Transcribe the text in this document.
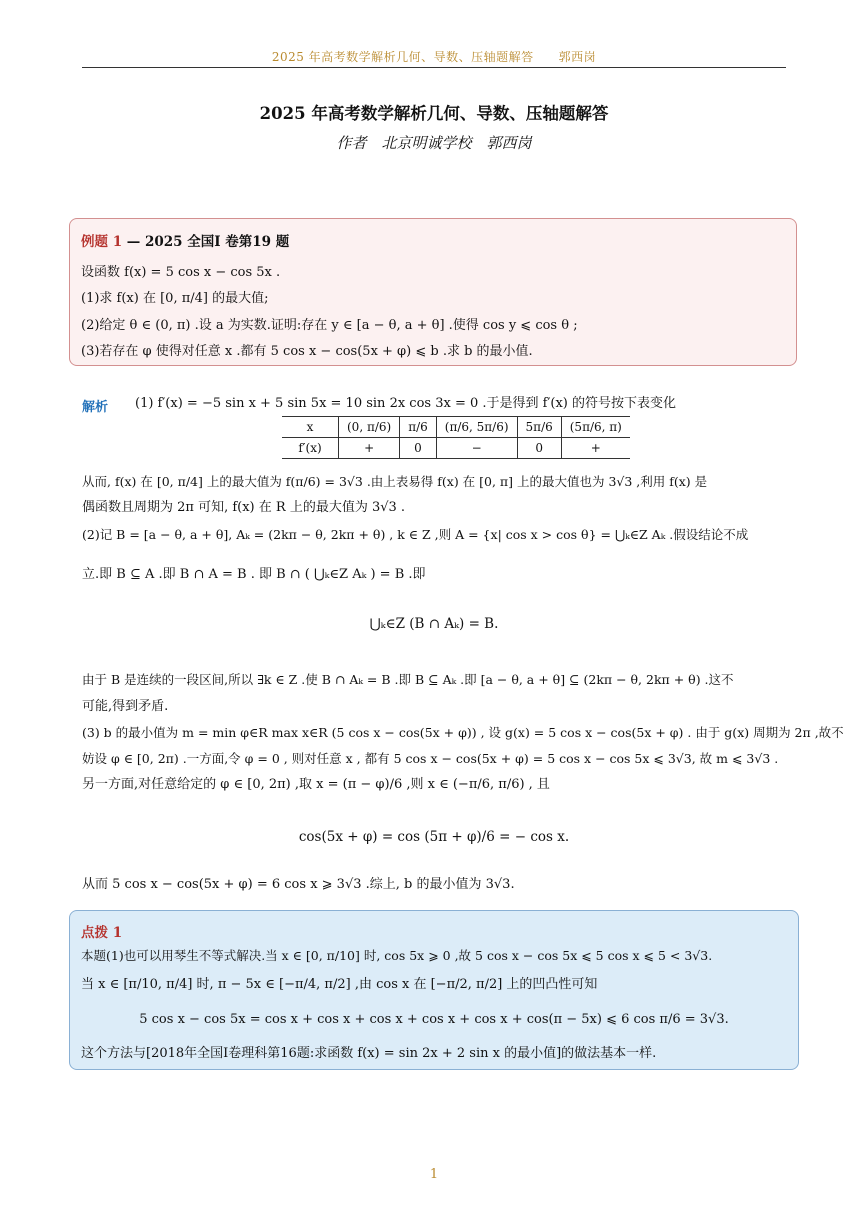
2025 年高考数学解析几何、导数、压轴题解答　　郭西岗
2025 年高考数学解析几何、导数、压轴题解答
作者　北京明诚学校　郭西岗
例题 1 — 2025 全国I 卷第19 题
设函数 f(x) = 5 cos x − cos 5x .
(1)求 f(x) 在 [0, π/4] 的最大值;
(2)给定 θ ∈ (0, π) .设 a 为实数.证明:存在 y ∈ [a − θ, a + θ] .使得 cos y ⩽ cos θ ;
(3)若存在 φ 使得对任意 x .都有 5 cos x − cos(5x + φ) ⩽ b .求 b 的最小值.
解析 (1) f′(x) = −5 sin x + 5 sin 5x = 10 sin 2x cos 3x = 0 .于是得到 f′(x) 的符号按下表变化
x	(0, π/6)	π/6	(π/6, 5π/6)	5π/6	(5π/6, π)
f′(x)	+	0	−	0	+
从而, f(x) 在 [0, π/4] 上的最大值为 f(π/6) = 3√3 .由上表易得 f(x) 在 [0, π] 上的最大值也为 3√3 ,利用 f(x) 是
偶函数且周期为 2π 可知, f(x) 在 R 上的最大值为 3√3 .
(2)记 B = [a − θ, a + θ], Aₖ = (2kπ − θ, 2kπ + θ) , k ∈ Z ,则 A = {x| cos x > cos θ} = ⋃ₖ∈Z Aₖ .假设结论不成
立.即 B ⊆ A .即 B ∩ A = B . 即 B ∩ ( ⋃ₖ∈Z Aₖ ) = B .即
⋃ₖ∈Z (B ∩ Aₖ) = B.
由于 B 是连续的一段区间,所以 ∃k ∈ Z .使 B ∩ Aₖ = B .即 B ⊆ Aₖ .即 [a − θ, a + θ] ⊆ (2kπ − θ, 2kπ + θ) .这不
可能,得到矛盾.
(3) b 的最小值为 m = min φ∈R max x∈R (5 cos x − cos(5x + φ)) , 设 g(x) = 5 cos x − cos(5x + φ) . 由于 g(x) 周期为 2π ,故不
妨设 φ ∈ [0, 2π) .一方面,令 φ = 0 , 则对任意 x , 都有 5 cos x − cos(5x + φ) = 5 cos x − cos 5x ⩽ 3√3, 故 m ⩽ 3√3 .
另一方面,对任意给定的 φ ∈ [0, 2π) ,取 x = (π − φ)/6 ,则 x ∈ (−π/6, π/6) , 且
cos(5x + φ) = cos (5π + φ)/6 = − cos x.
从而 5 cos x − cos(5x + φ) = 6 cos x ⩾ 3√3 .综上, b 的最小值为 3√3.
点拨 1
本题(1)也可以用琴生不等式解决.当 x ∈ [0, π/10] 时, cos 5x ⩾ 0 ,故 5 cos x − cos 5x ⩽ 5 cos x ⩽ 5 < 3√3.
当 x ∈ [π/10, π/4] 时, π − 5x ∈ [−π/4, π/2] ,由 cos x 在 [−π/2, π/2] 上的凹凸性可知
5 cos x − cos 5x = cos x + cos x + cos x + cos x + cos x + cos(π − 5x) ⩽ 6 cos π/6 = 3√3.
这个方法与[2018年全国I卷理科第16题:求函数 f(x) = sin 2x + 2 sin x 的最小值]的做法基本一样.
1
